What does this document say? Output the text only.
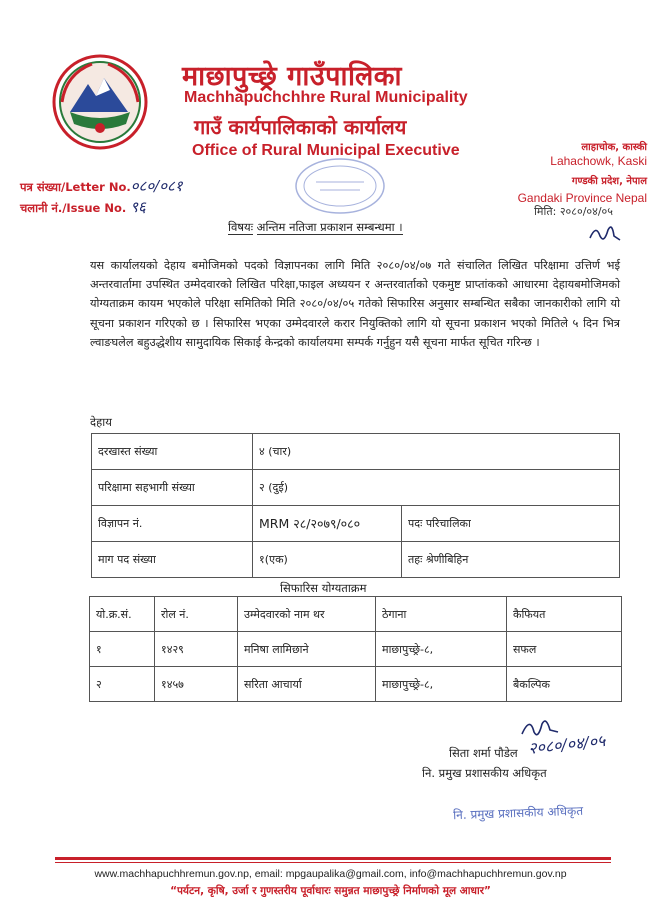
माछापुच्छ्रे गाउँपालिका
Machhapuchchhre Rural Municipality
गाउँ कार्यपालिकाको कार्यालय
Office of Rural Municipal Executive	लाहाचोक, कास्की
Lahachowk, Kaski
गण्डकी प्रदेश, नेपाल
Gandaki Province Nepal
पत्र संख्या/Letter No.०८०/०८१
चलानी नं./Issue No. ९६	मिति: २०८०/०४/०५
विषयः अन्तिम नतिजा प्रकाशन सम्बन्धमा ।
यस कार्यालयको देहाय बमोजिमको पदको विज्ञापनका लागि मिति २०८०/०४/०७ गते संचालित लिखित परिक्षामा उत्तिर्ण भई अन्तरवार्तामा उपस्थित उम्मेदवारको लिखित परिक्षा,फाइल अध्ययन र अन्तरवार्ताको एकमुष्ट प्राप्तांकको आधारमा देहायबमोजिमको योग्यताक्रम कायम भएकोले परिक्षा समितिको मिति २०८०/०४/०५ गतेको सिफारिस अनुसार सम्बन्धित सबैका जानकारीको लागि यो सूचना प्रकाशन गरिएको छ । सिफारिस भएका उम्मेदवारले करार नियुक्तिको लागि यो सूचना प्रकाशन भएको मितिले ५ दिन भित्र ल्वाङघलेल बहुउद्धेशीय सामुदायिक सिकाई केन्द्रको कार्यालयमा सम्पर्क गर्नुहुन यसै सूचना मार्फत सूचित गरिन्छ ।
देहाय
दरखास्त संख्या	४ (चार)	
परिक्षामा सहभागी संख्या	२ (दुई)	
विज्ञापन नं.	MRM २८/२०७९/०८०	पदः परिचालिका
माग पद संख्या	१(एक)	तहः श्रेणीबिहिन
सिफारिस योग्यताक्रम
यो.क्र.सं.	रोल नं.	उम्मेदवारको नाम थर	ठेगाना	कैफियत
१	१४२९	मनिषा लामिछाने	माछापुच्छ्रे-८,	सफल
२	१४५७	सरिता आचार्या	माछापुच्छ्रे-८,	बैकल्पिक
२०८०/०४/०५
सिता शर्मा पौडेल
नि. प्रमुख प्रशासकीय अधिकृत
नि. प्रमुख प्रशासकीय अधिकृत
www.machhapuchhremun.gov.np, email: mpgaupalika@gmail.com, info@machhapuchhremun.gov.np
“पर्यटन, कृषि, उर्जा र गुणस्तरीय पूर्वाधारः समुन्नत माछापुच्छ्रे निर्माणको मूल आधार”
